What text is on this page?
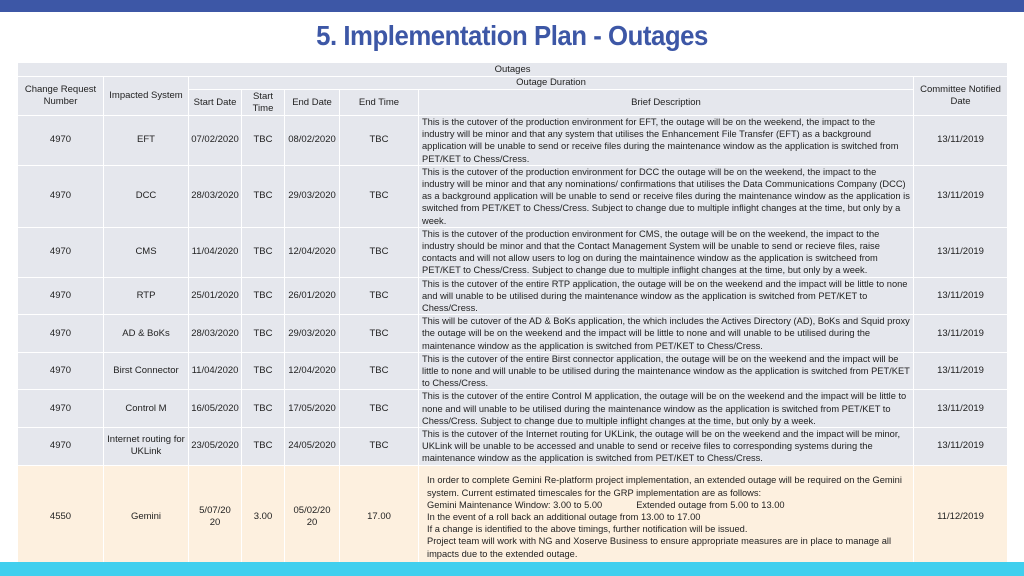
5. Implementation Plan - Outages
Outages							
Change Request Number	Impacted System	Outage Duration					Committee Notified Date
		Start Date	Start Time	End Date	End Time	Brief Description	
4970	EFT	07/02/2020	TBC	08/02/2020	TBC	This is the cutover of the production environment for EFT, the outage will be on the weekend, the impact to the industry will be minor and that any system that utilises the Enhancement File Transfer (EFT) as a background application will be unable to send or receive files during the maintenance window as the application is switched from PET/KET to Chess/Cress.	13/11/2019
4970	DCC	28/03/2020	TBC	29/03/2020	TBC	This is the cutover of the production environment for DCC the outage will be on the weekend, the impact to the industry will be minor and that any nominations/ confirmations that utilises the Data Communications Company (DCC) as a background application will be unable to send or receive files during the maintenance window as the application is switched from PET/KET to Chess/Cress. Subject to change due to multiple inflight changes at the time, but only by a week.	13/11/2019
4970	CMS	11/04/2020	TBC	12/04/2020	TBC	This is the cutover of the production environment for CMS, the outage will be on the weekend, the impact to the industry should be minor and that the Contact Management System will be unable to send or recieve files, raise contacts and will not allow users to log on during the maintainence window as the application is switcheed from PET/KET to Chess/Cress. Subject to change due to multiple inflight changes at the time, but only by a week.	13/11/2019
4970	RTP	25/01/2020	TBC	26/01/2020	TBC	This is the cutover of the entire RTP application, the outage will be on the weekend and the impact will be little to none and will unable to be utilised during the maintenance window as the application is switched from PET/KET to Chess/Cress.	13/11/2019
4970	AD & BoKs	28/03/2020	TBC	29/03/2020	TBC	This will be cutover of the AD & BoKs application, the which includes the Actives Directory (AD), BoKs and Squid proxy the outage will be on the weekend and the impact will be little to none and will unable to be utilised during the maintenance window as the application is switched from PET/KET to Chess/Cress.	13/11/2019
4970	Birst Connector	11/04/2020	TBC	12/04/2020	TBC	This is the cutover of the entire Birst connector application, the outage will be on the weekend and the impact will be little to none and will unable to be utilised during the maintenance window as the application is switched from PET/KET to Chess/Cress.	13/11/2019
4970	Control M	16/05/2020	TBC	17/05/2020	TBC	This is the cutover of the entire Control M application, the outage will be on the weekend and the impact will be little to none and will unable to be utilised during the maintenance window as the application is switched from PET/KET to Chess/Cress. Subject to change due to multiple inflight changes at the time, but only by a week.	13/11/2019
4970	Internet routing for UKLink	23/05/2020	TBC	24/05/2020	TBC	This is the cutover of the Internet routing for UKLink, the outage will be on the weekend and the impact will be minor, UKLink will be unable to be accessed and unable to send or receive files to corresponding systems during the maintenance window as the application is switched from PET/KET to Chess/Cress.	13/11/2019
4550	Gemini	5/07/2020	3.00	05/02/2020	17.00	In order to complete Gemini Re-platform project implementation, an extended outage will be required on the Gemini system. Current estimated timescales for the GRP implementation are as follows:
Gemini Maintenance Window: 3.00 to 5.00 Extended outage from 5.00 to 13.00
In the event of a roll back an additional outage from 13.00 to 17.00
If a change is identified to the above timings, further notification will be issued.
Project team will work with NG and Xoserve Business to ensure appropriate measures are in place to manage all impacts due to the extended outage.	11/12/2019
